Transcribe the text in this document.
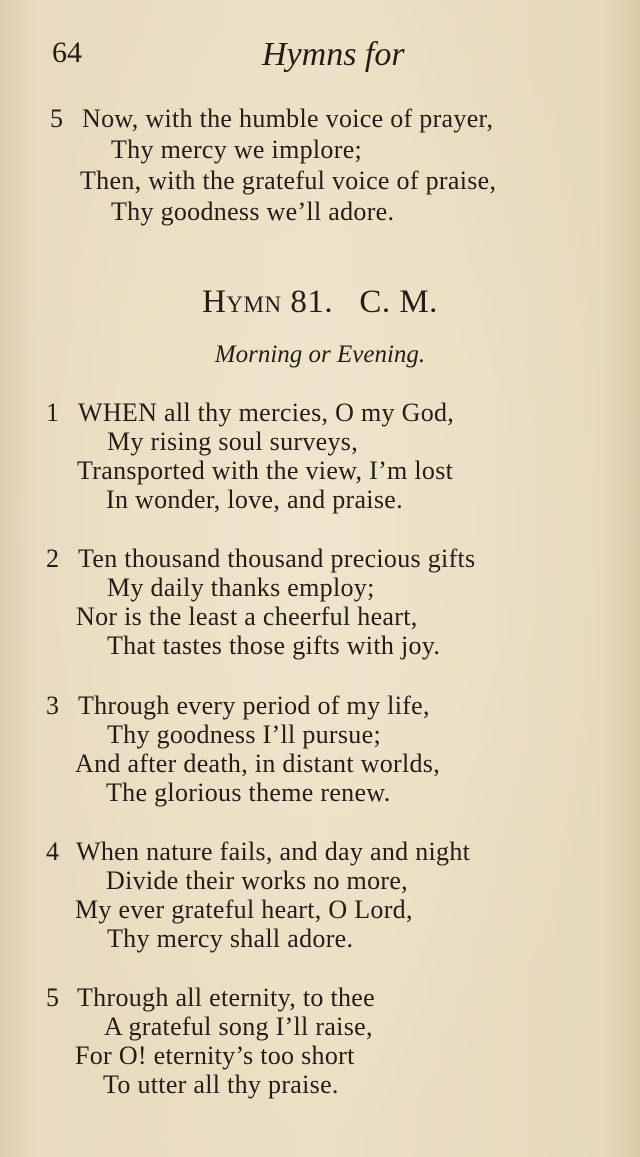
64	Hymns for
5 Now, with the humble voice of prayer,
Thy mercy we implore;
Then, with the grateful voice of praise,
Thy goodness we’ll adore.
Hymn 81. C. M.
Morning or Evening.
1 WHEN all thy mercies, O my God,
My rising soul surveys,
Transported with the view, I’m lost
In wonder, love, and praise.
2 Ten thousand thousand precious gifts
My daily thanks employ;
Nor is the least a cheerful heart,
That tastes those gifts with joy.
3 Through every period of my life,
Thy goodness I’ll pursue;
And after death, in distant worlds,
The glorious theme renew.
4 When nature fails, and day and night
Divide their works no more,
My ever grateful heart, O Lord,
Thy mercy shall adore.
5 Through all eternity, to thee
A grateful song I’ll raise,
For O! eternity’s too short
To utter all thy praise.
